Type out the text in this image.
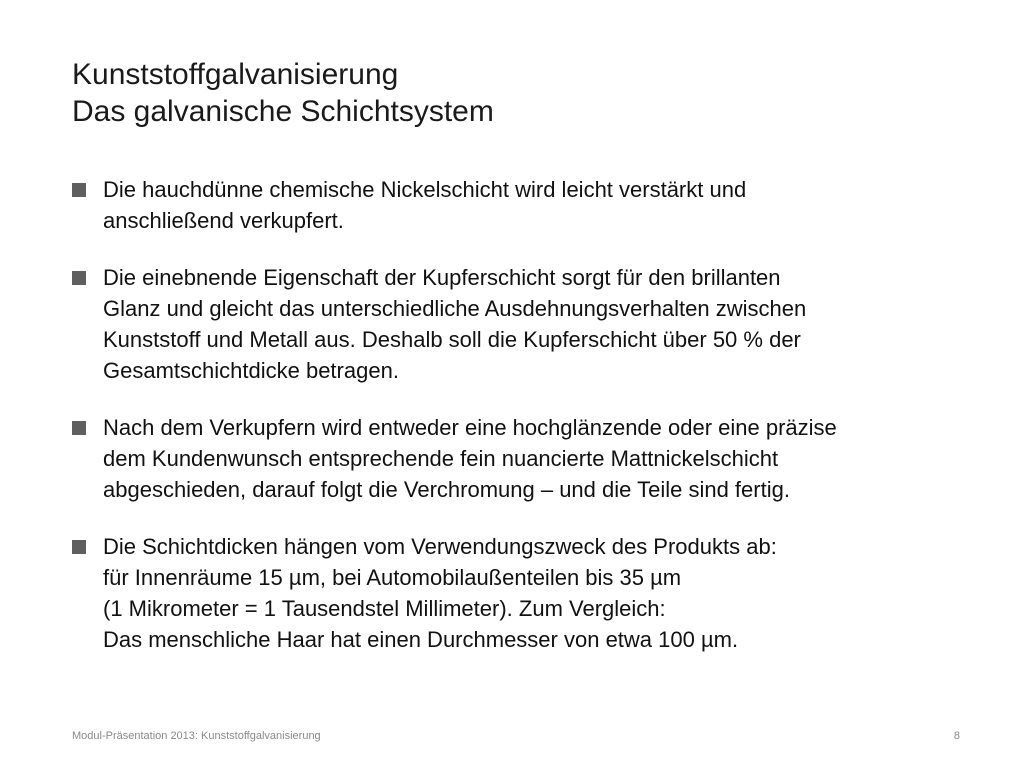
Kunststoffgalvanisierung
Das galvanische Schichtsystem
Die hauchdünne chemische Nickelschicht wird leicht verstärkt und
anschließend verkupfert.
Die einebnende Eigenschaft der Kupferschicht sorgt für den brillanten
Glanz und gleicht das unterschiedliche Ausdehnungsverhalten zwischen
Kunststoff und Metall aus. Deshalb soll die Kupferschicht über 50 % der
Gesamtschichtdicke betragen.
Nach dem Verkupfern wird entweder eine hochglänzende oder eine präzise
dem Kundenwunsch entsprechende fein nuancierte Mattnickelschicht
abgeschieden, darauf folgt die Verchromung – und die Teile sind fertig.
Die Schichtdicken hängen vom Verwendungszweck des Produkts ab:
für Innenräume 15 µm, bei Automobilaußenteilen bis 35 µm
(1 Mikrometer = 1 Tausendstel Millimeter). Zum Vergleich:
Das menschliche Haar hat einen Durchmesser von etwa 100 µm.
Modul-Präsentation 2013: Kunststoffgalvanisierung	8
